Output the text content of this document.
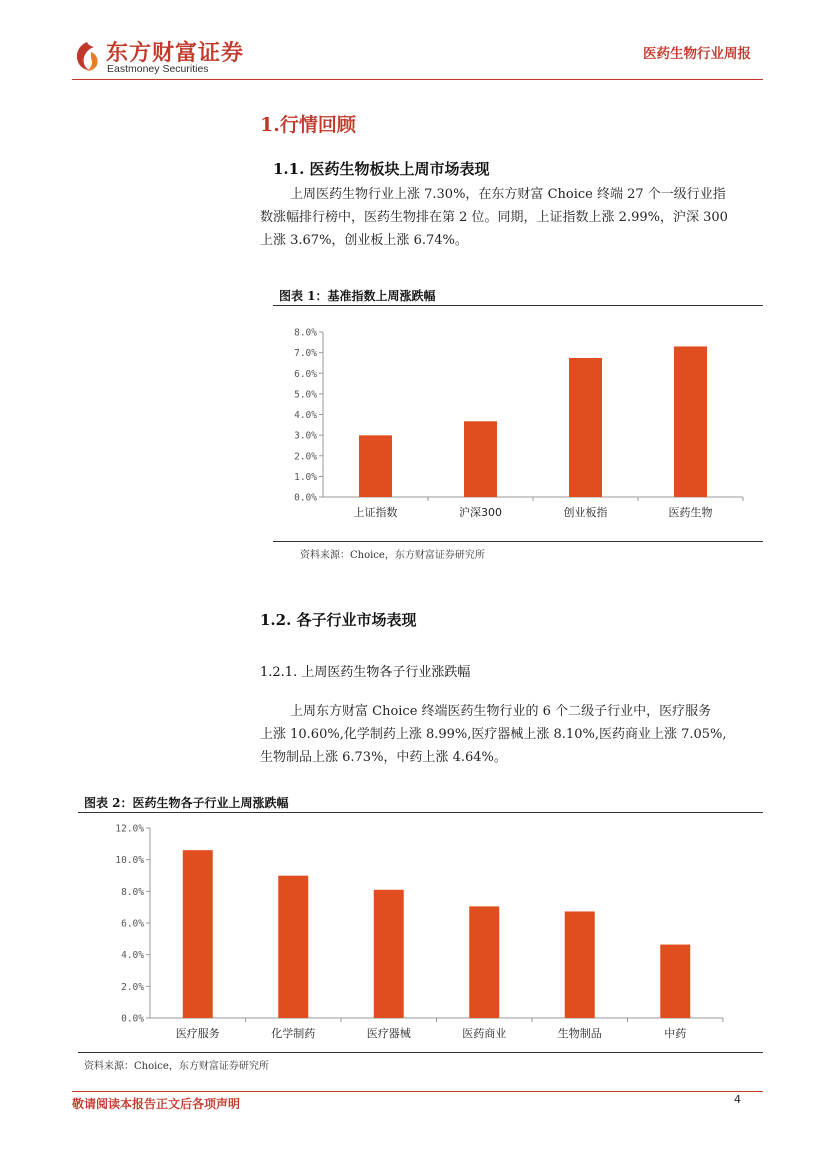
东方财富证券
Eastmoney Securities
医药生物行业周报
1.行情回顾
1.1. 医药生物板块上周市场表现
上周医药生物行业上涨 7.30%，在东方财富 Choice 终端 27 个一级行业指
数涨幅排行榜中，医药生物排在第 2 位。同期，上证指数上涨 2.99%，沪深 300
上涨 3.67%，创业板上涨 6.74%。
图表 1：基准指数上周涨跌幅
0.0%
1.0%
2.0%
3.0%
4.0%
5.0%
6.0%
7.0%
8.0%
上证指数	沪深300	创业板指	医药生物
资料来源：Choice，东方财富证券研究所
1.2. 各子行业市场表现
1.2.1. 上周医药生物各子行业涨跌幅
上周东方财富 Choice 终端医药生物行业的 6 个二级子行业中，医疗服务
上涨 10.60%,化学制药上涨 8.99%,医疗器械上涨 8.10%,医药商业上涨 7.05%,
生物制品上涨 6.73%，中药上涨 4.64%。
图表 2：医药生物各子行业上周涨跌幅
0.0%
2.0%
4.0%
6.0%
8.0%
10.0%
12.0%
医疗服务	化学制药	医疗器械	医药商业	生物制品	中药
资料来源：Choice，东方财富证券研究所
敬请阅读本报告正文后各项声明	4
